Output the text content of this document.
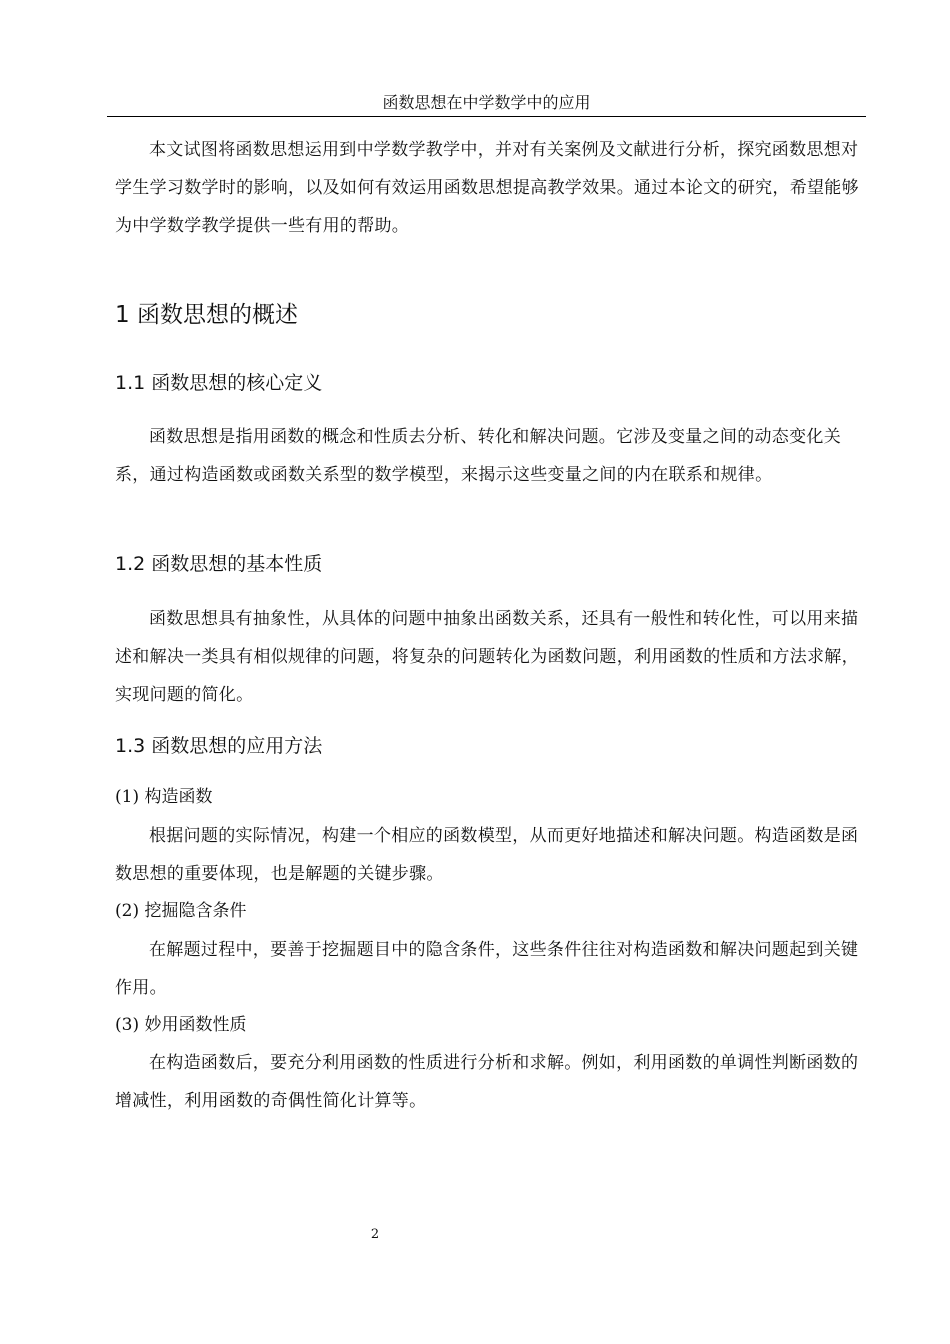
函数思想在中学数学中的应用

本文试图将函数思想运用到中学数学教学中，并对有关案例及文献进行分析，探究函数思想对学生学习数学时的影响，以及如何有效运用函数思想提高教学效果。通过本论文的研究，希望能够为中学数学教学提供一些有用的帮助。

1 函数思想的概述
1.1 函数思想的核心定义

函数思想是指用函数的概念和性质去分析、转化和解决问题。它涉及变量之间的动态变化关系，通过构造函数或函数关系型的数学模型，来揭示这些变量之间的内在联系和规律。

1.2 函数思想的基本性质

函数思想具有抽象性，从具体的问题中抽象出函数关系，还具有一般性和转化性，可以用来描述和解决一类具有相似规律的问题，将复杂的问题转化为函数问题，利用函数的性质和方法求解，实现问题的简化。

1.3 函数思想的应用方法
(1) 构造函数

根据问题的实际情况，构建一个相应的函数模型，从而更好地描述和解决问题。构造函数是函数思想的重要体现，也是解题的关键步骤。

(2) 挖掘隐含条件

在解题过程中，要善于挖掘题目中的隐含条件，这些条件往往对构造函数和解决问题起到关键作用。

(3) 妙用函数性质

在构造函数后，要充分利用函数的性质进行分析和求解。例如，利用函数的单调性判断函数的增减性，利用函数的奇偶性简化计算等。

2
